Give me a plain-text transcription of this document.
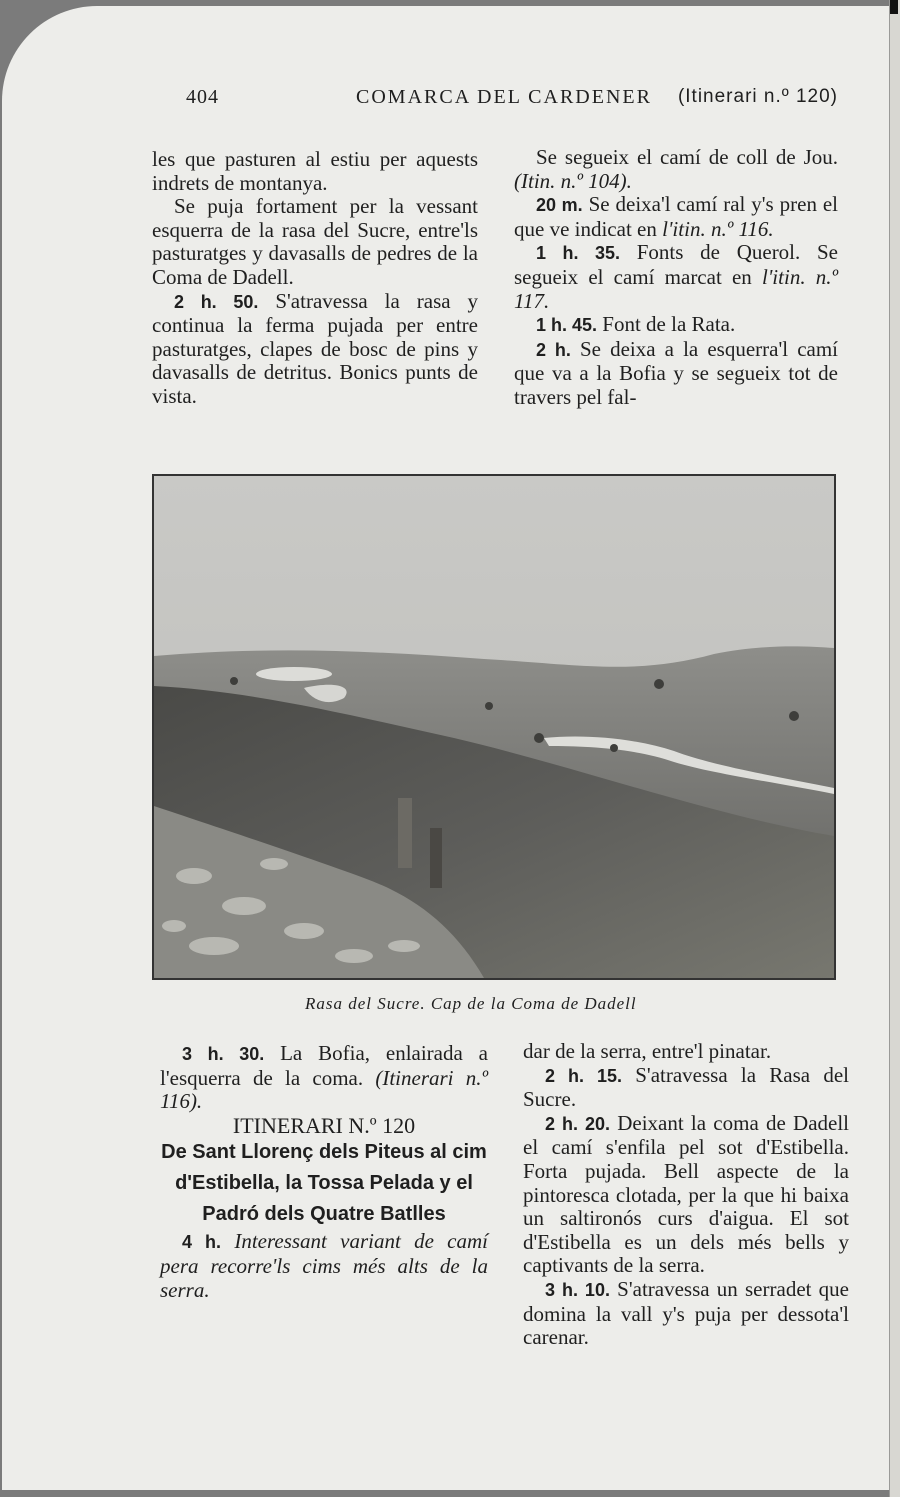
404	COMARCA DEL CARDENER (Itinerari n.º 120)

les que pasturen al estiu per aquests indrets de montanya.

Se puja fortament per la vessant esquerra de la rasa del Sucre, entre'ls pasturatges y davasalls de pedres de la Coma de Dadell.

2 h. 50. S'atravessa la rasa y continua la ferma pujada per entre pasturatges, clapes de bosc de pins y davasalls de detritus. Bonics punts de vista.

Se segueix el camí de coll de Jou. (Itin. n.º 104).

20 m. Se deixa'l camí ral y's pren el que ve indicat en l'itin. n.º 116.

1 h. 35. Fonts de Querol. Se segueix el camí marcat en l'itin. n.º 117.

1 h. 45. Font de la Rata.

2 h. Se deixa a la esquerra'l camí que va a la Bofia y se segueix tot de travers pel fal-

Rasa del Sucre. Cap de la Coma de Dadell

3 h. 30. La Bofia, enlairada a l'esquerra de la coma. (Itinerari n.º 116).

ITINERARI N.º 120

De Sant Llorenç dels Piteus al cim d'Estibella, la Tossa Pelada y el Padró dels Quatre Batlles

4 h. Interessant variant de camí pera recorre'ls cims més alts de la serra.

dar de la serra, entre'l pinatar.

2 h. 15. S'atravessa la Rasa del Sucre.

2 h. 20. Deixant la coma de Dadell el camí s'enfila pel sot d'Estibella. Forta pujada. Bell aspecte de la pintoresca clotada, per la que hi baixa un saltironós curs d'aigua. El sot d'Estibella es un dels més bells y captivants de la serra.

3 h. 10. S'atravessa un serradet que domina la vall y's puja per dessota'l carenar.
